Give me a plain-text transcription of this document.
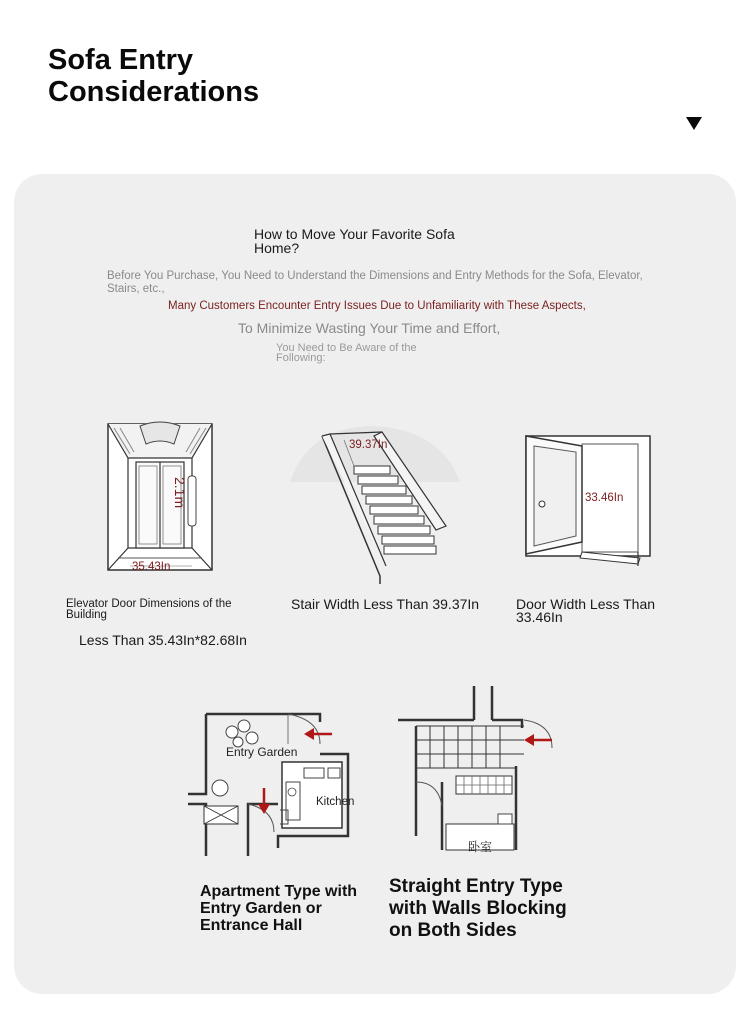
Sofa Entry
Considerations
How to Move Your Favorite Sofa Home?
Before You Purchase, You Need to Understand the Dimensions and Entry Methods for the Sofa, Elevator, Stairs, etc.,
Many Customers Encounter Entry Issues Due to Unfamiliarity with These Aspects,
To Minimize Wasting Your Time and Effort,
You Need to Be Aware of the Following:
2.1m
35.43In
Elevator Door Dimensions of the Building
Less Than 35.43In*82.68In
39.37In
Stair Width Less Than 39.37In
33.46In
Door Width Less Than 33.46In
Entry Garden
Kitchen
Apartment Type with Entry Garden or Entrance Hall
卧室
Straight Entry Type with Walls Blocking on Both Sides
